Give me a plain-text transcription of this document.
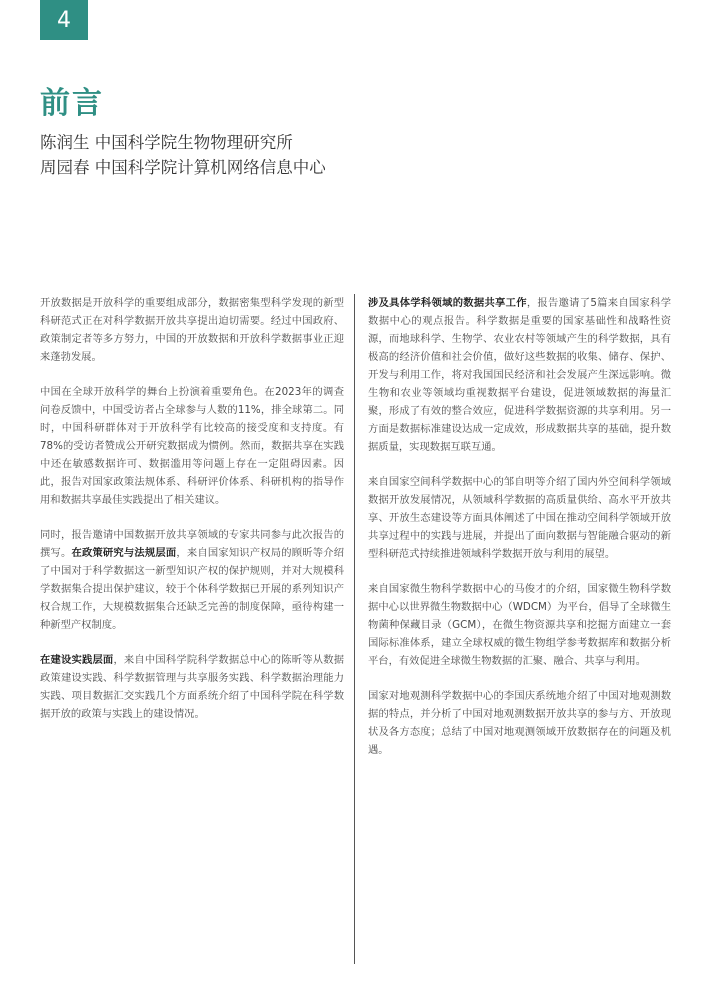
4
前言
陈润生 中国科学院生物物理研究所
周园春 中国科学院计算机网络信息中心

开放数据是开放科学的重要组成部分，数据密集型科学发现的新型科研范式正在对科学数据开放共享提出迫切需要。经过中国政府、政策制定者等多方努力，中国的开放数据和开放科学数据事业正迎来蓬勃发展。

中国在全球开放科学的舞台上扮演着重要角色。在2023年的调查问卷反馈中，中国受访者占全球参与人数的11%，排全球第二。同时，中国科研群体对于开放科学有比较高的接受度和支持度。有78%的受访者赞成公开研究数据成为惯例。然而，数据共享在实践中还在敏感数据许可、数据滥用等问题上存在一定阻碍因素。因此，报告对国家政策法规体系、科研评价体系、科研机构的指导作用和数据共享最佳实践提出了相关建议。

同时，报告邀请中国数据开放共享领域的专家共同参与此次报告的撰写。在政策研究与法规层面，来自国家知识产权局的顾昕等介绍了中国对于科学数据这一新型知识产权的保护规则，并对大规模科学数据集合提出保护建议，较于个体科学数据已开展的系列知识产权合规工作，大规模数据集合还缺乏完善的制度保障，亟待构建一种新型产权制度。

在建设实践层面，来自中国科学院科学数据总中心的陈昕等从数据政策建设实践、科学数据管理与共享服务实践、科学数据治理能力实践、项目数据汇交实践几个方面系统介绍了中国科学院在科学数据开放的政策与实践上的建设情况。

涉及具体学科领域的数据共享工作，报告邀请了5篇来自国家科学数据中心的观点报告。科学数据是重要的国家基础性和战略性资源，而地球科学、生物学、农业农村等领域产生的科学数据，具有极高的经济价值和社会价值，做好这些数据的收集、储存、保护、开发与利用工作，将对我国国民经济和社会发展产生深远影响。微生物和农业等领域均重视数据平台建设，促进领域数据的海量汇聚，形成了有效的整合效应，促进科学数据资源的共享利用。另一方面是数据标准建设达成一定成效，形成数据共享的基础，提升数据质量，实现数据互联互通。

来自国家空间科学数据中心的邹自明等介绍了国内外空间科学领域数据开放发展情况，从领域科学数据的高质量供给、高水平开放共享、开放生态建设等方面具体阐述了中国在推动空间科学领域开放共享过程中的实践与进展，并提出了面向数据与智能融合驱动的新型科研范式持续推进领域科学数据开放与利用的展望。

来自国家微生物科学数据中心的马俊才的介绍，国家微生物科学数据中心以世界微生物数据中心（WDCM）为平台，倡导了全球微生物菌种保藏目录（GCM），在微生物资源共享和挖掘方面建立一套国际标准体系，建立全球权威的微生物组学参考数据库和数据分析平台，有效促进全球微生物数据的汇聚、融合、共享与利用。

国家对地观测科学数据中心的李国庆系统地介绍了中国对地观测数据的特点，并分析了中国对地观测数据开放共享的参与方、开放现状及各方态度；总结了中国对地观测领域开放数据存在的问题及机遇。
